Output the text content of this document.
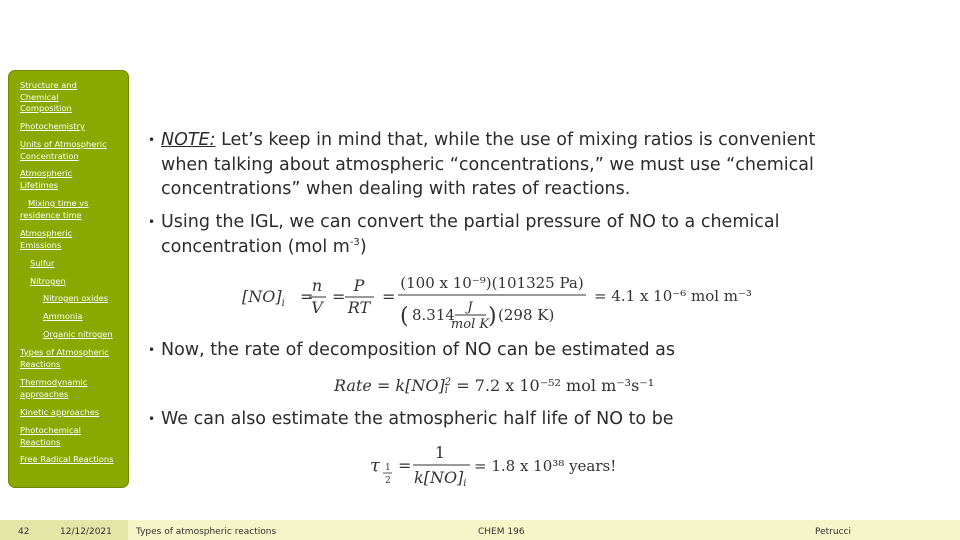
Structure and
Chemical
Composition
Photochemistry
Units of Atmospheric
Concentration
Atmospheric
Lifetimes
Mixing time vs
residence time
Atmospheric
Emissions
Sulfur
Nitrogen
Nitrogen oxides
Ammonia
Organic nitrogen
Types of Atmospheric
Reactions
Thermodynamic
approaches
Kinetic approaches
Photochemical
Reactions
Free Radical Reactions
• NOTE: Let’s keep in mind that, while the use of mixing ratios is convenient
when talking about atmospheric “concentrations,” we must use “chemical
concentrations” when dealing with rates of reactions.
• Using the IGL, we can convert the partial pressure of NO to a chemical
concentration (mol $m^{-3}$)
$[NO]_i$ =
n
V
=
P
RT
=
(100 x 10⁻⁹)(101325 Pa)
( 8.314 J
mol K
) (298 K)
= 4.1 x 10⁻⁶ mol m⁻³
• Now, the rate of decomposition of NO can be estimated as
Rate = k[NO] 2
i = 7.2 x 10⁻⁵² mol m⁻³s⁻¹
• We can also estimate the atmospheric half life of NO to be
τ 1
2
=
1
k[NO]i
= 1.8 x 10³⁸ years!
42	12/12/2021	Types of atmospheric reactions	CHEM 196	Petrucci
